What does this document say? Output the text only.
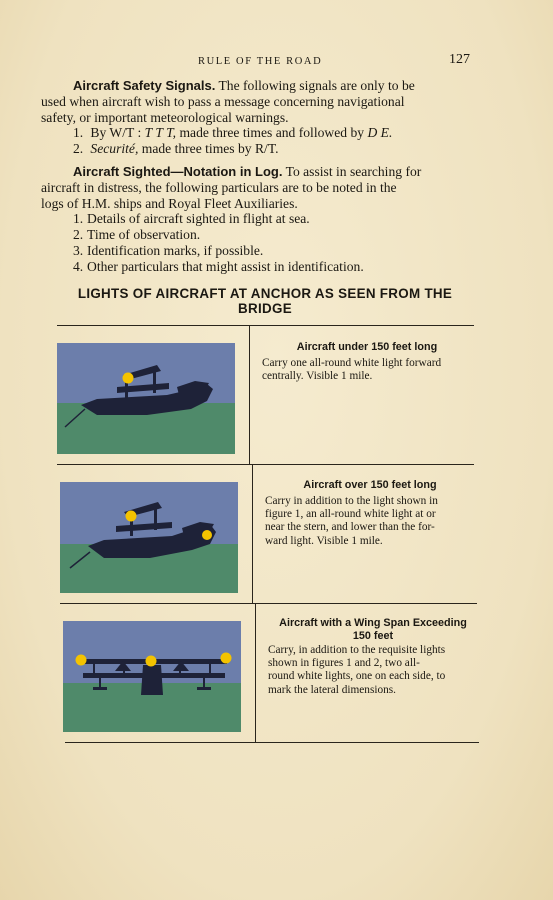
RULE OF THE ROAD	127

Aircraft Safety Signals. The following signals are only to be
used when aircraft wish to pass a message concerning navigational
safety, or important meteorological warnings.

1. By W/T : T T T, made three times and followed by D E.
2. Securité, made three times by R/T.

Aircraft Sighted—Notation in Log. To assist in searching for
aircraft in distress, the following particulars are to be noted in the
logs of H.M. ships and Royal Fleet Auxiliaries.

1. Details of aircraft sighted in flight at sea.
2. Time of observation.
3. Identification marks, if possible.
4. Other particulars that might assist in identification.
LIGHTS OF AIRCRAFT AT ANCHOR AS SEEN FROM THE
BRIDGE
Aircraft under 150 feet long
Carry one all-round white light forward
centrally. Visible 1 mile.
Aircraft over 150 feet long
Carry in addition to the light shown in
figure 1, an all-round white light at or
near the stern, and lower than the for-
ward light. Visible 1 mile.
Aircraft with a Wing Span Exceeding
150 feet
Carry, in addition to the requisite lights
shown in figures 1 and 2, two all-
round white lights, one on each side, to
mark the lateral dimensions.
